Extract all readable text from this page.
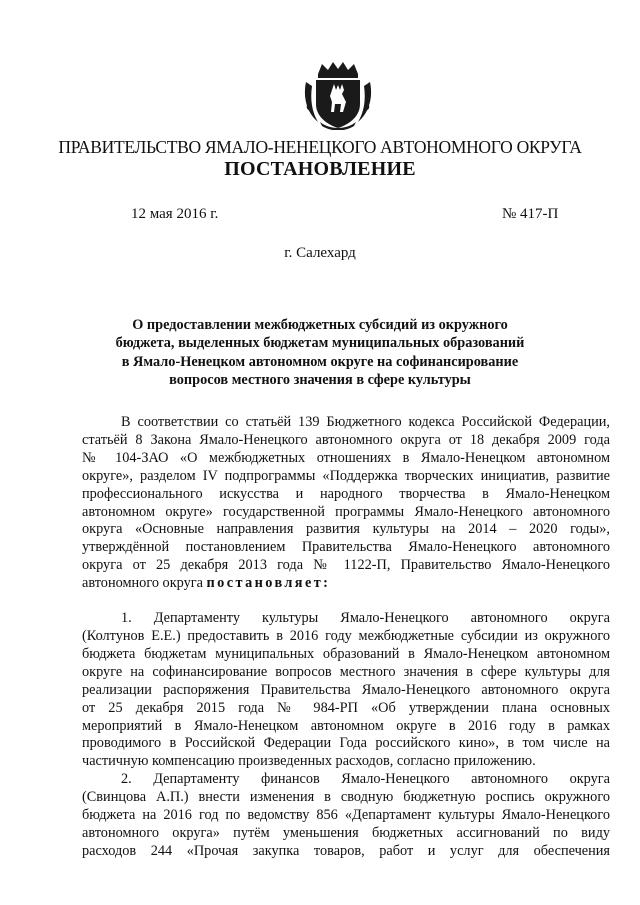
ПРАВИТЕЛЬСТВО ЯМАЛО-НЕНЕЦКОГО АВТОНОМНОГО ОКРУГА
ПОСТАНОВЛЕНИЕ
12 мая 2016 г.	№ 417-П
г. Салехард
О предоставлении межбюджетных субсидий из окружного
бюджета, выделенных бюджетам муниципальных образований
в Ямало-Ненецком автономном округе на софинансирование
вопросов местного значения в сфере культуры
В соответствии со статьёй 139 Бюджетного кодекса Российской Федерации,
статьёй 8 Закона Ямало-Ненецкого автономного округа от 18 декабря 2009 года
№ 104-ЗАО «О межбюджетных отношениях в Ямало-Ненецком автономном
округе», разделом IV подпрограммы «Поддержка творческих инициатив, развитие
профессионального искусства и народного творчества в Ямало-Ненецком
автономном округе» государственной программы Ямало-Ненецкого автономного
округа «Основные направления развития культуры на 2014 – 2020 годы»,
утверждённой постановлением Правительства Ямало-Ненецкого автономного
округа от 25 декабря 2013 года № 1122-П, Правительство Ямало-Ненецкого
автономного округа постановляет:
1. Департаменту культуры Ямало-Ненецкого автономного округа
(Колтунов Е.Е.) предоставить в 2016 году межбюджетные субсидии из окружного
бюджета бюджетам муниципальных образований в Ямало-Ненецком автономном
округе на софинансирование вопросов местного значения в сфере культуры для
реализации распоряжения Правительства Ямало-Ненецкого автономного округа
от 25 декабря 2015 года № 984-РП «Об утверждении плана основных
мероприятий в Ямало-Ненецком автономном округе в 2016 году в рамках
проводимого в Российской Федерации Года российского кино», в том числе на
частичную компенсацию произведенных расходов, согласно приложению.
2. Департаменту финансов Ямало-Ненецкого автономного округа
(Свинцова А.П.) внести изменения в сводную бюджетную роспись окружного
бюджета на 2016 год по ведомству 856 «Департамент культуры Ямало-Ненецкого
автономного округа» путём уменьшения бюджетных ассигнований по виду
расходов 244 «Прочая закупка товаров, работ и услуг для обеспечения
